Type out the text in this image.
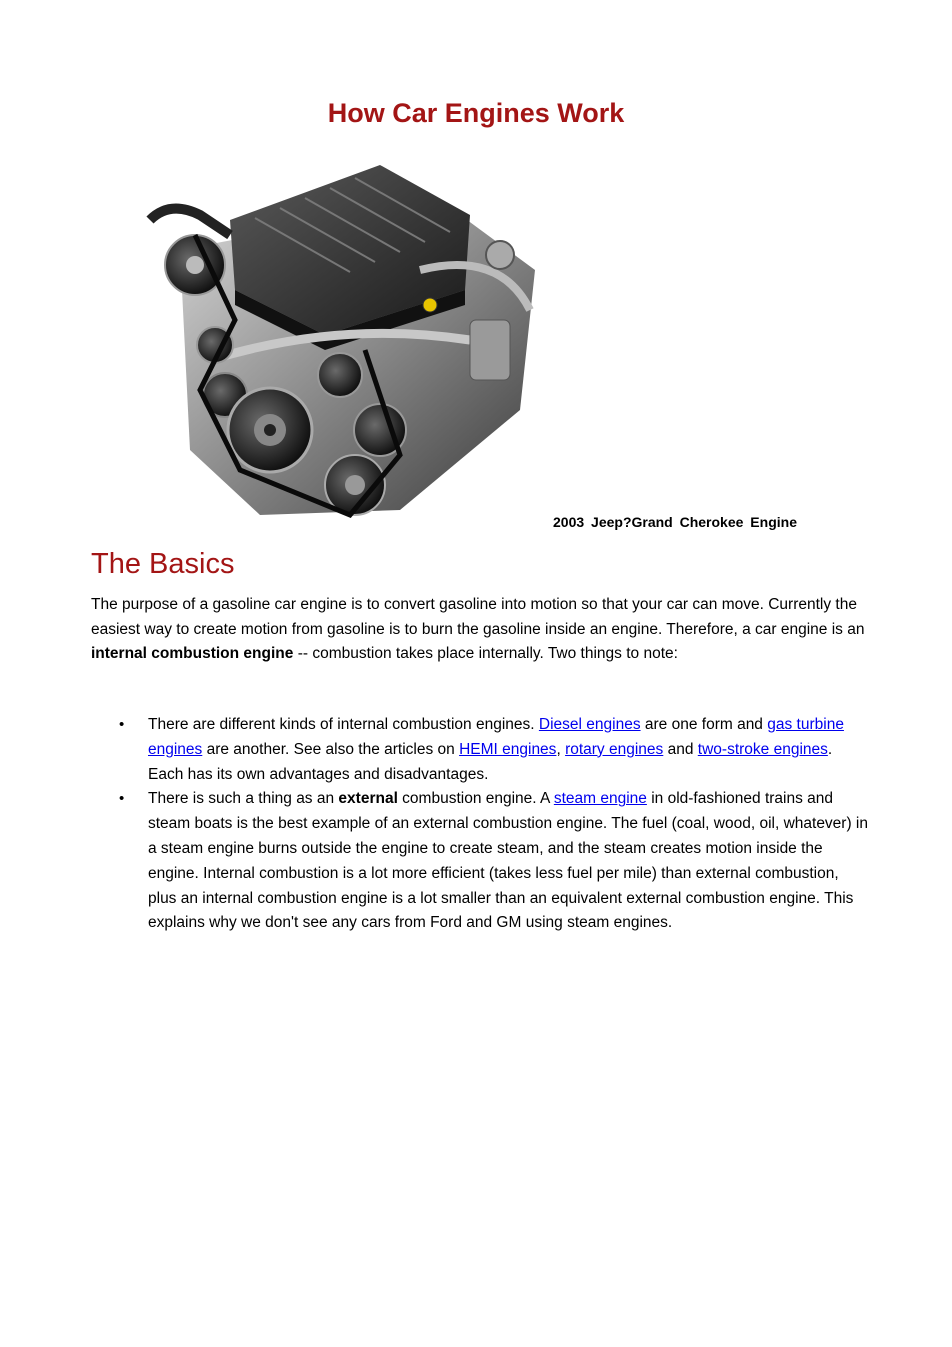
How Car Engines Work
2003 Jeep?Grand Cherokee Engine
The Basics

The purpose of a gasoline car engine is to convert gasoline into motion so that your car can move. Currently the easiest way to create motion from gasoline is to burn the gasoline inside an engine. Therefore, a car engine is an internal combustion engine -- combustion takes place internally. Two things to note:

• There are different kinds of internal combustion engines. Diesel engines are one form and gas turbine engines are another. See also the articles on HEMI engines, rotary engines and two-stroke engines. Each has its own advantages and disadvantages.
• There is such a thing as an external combustion engine. A steam engine in old-fashioned trains and steam boats is the best example of an external combustion engine. The fuel (coal, wood, oil, whatever) in a steam engine burns outside the engine to create steam, and the steam creates motion inside the engine. Internal combustion is a lot more efficient (takes less fuel per mile) than external combustion, plus an internal combustion engine is a lot smaller than an equivalent external combustion engine. This explains why we don't see any cars from Ford and GM using steam engines.
